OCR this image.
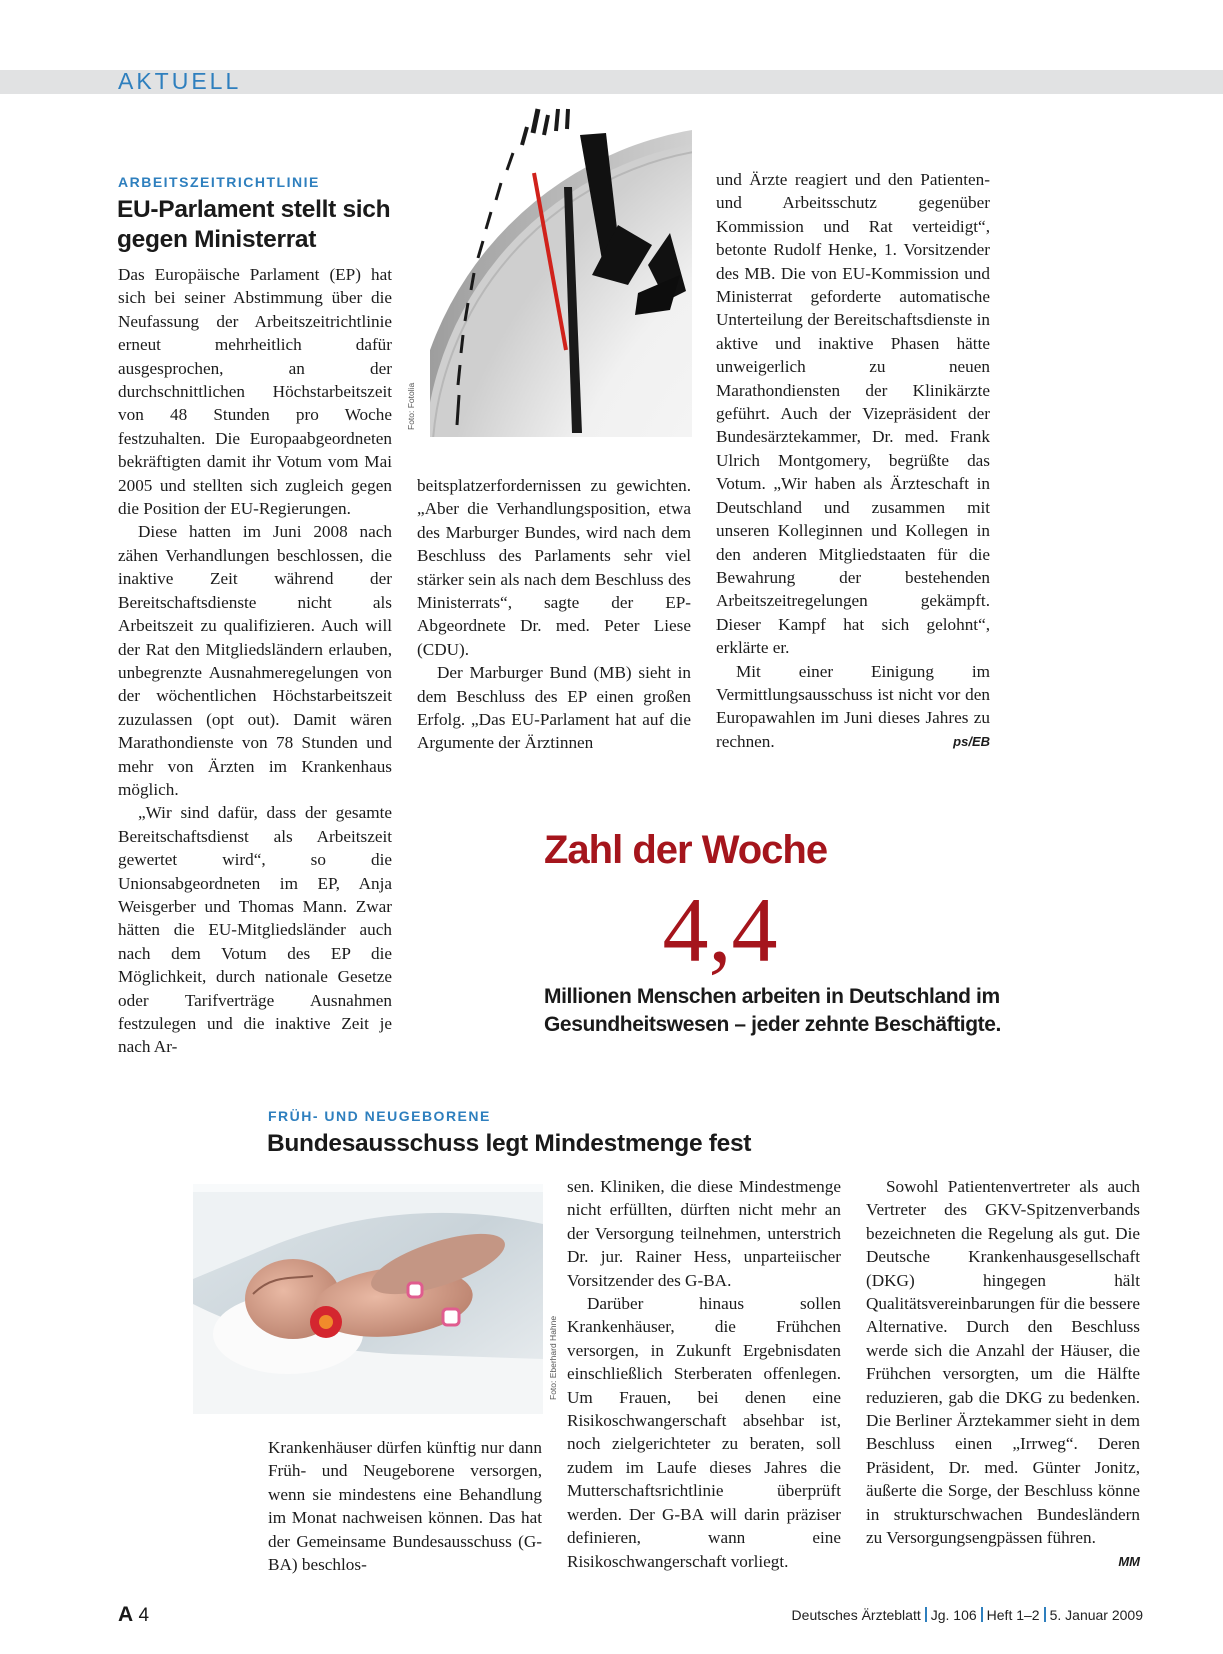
AKTUELL
ARBEITSZEITRICHTLINIE
EU-Parlament stellt sich
gegen Ministerrat
Foto: Fotolia

Das Europäische Parlament (EP) hat sich bei seiner Abstimmung über die Neufassung der Arbeitszeitrichtlinie erneut mehrheitlich dafür ausgesprochen, an der durchschnittlichen Höchstarbeitszeit von 48 Stunden pro Woche festzuhalten. Die Europaabgeordneten bekräftigten damit ihr Votum vom Mai 2005 und stellten sich zugleich gegen die Position der EU-Regierungen.

Diese hatten im Juni 2008 nach zähen Verhandlungen beschlossen, die inaktive Zeit während der Bereitschaftsdienste nicht als Arbeitszeit zu qualifizieren. Auch will der Rat den Mitgliedsländern erlauben, unbegrenzte Ausnahmeregelungen von der wöchentlichen Höchstarbeitszeit zuzulassen (opt out). Damit wären Marathondienste von 78 Stunden und mehr von Ärzten im Krankenhaus möglich.

„Wir sind dafür, dass der gesamte Bereitschaftsdienst als Arbeitszeit gewertet wird“, so die Unionsabgeordneten im EP, Anja Weisgerber und Thomas Mann. Zwar hätten die EU-Mitgliedsländer auch nach dem Votum des EP die Möglichkeit, durch nationale Gesetze oder Tarifverträge Ausnahmen festzulegen und die inaktive Zeit je nach Ar-

beitsplatzerfordernissen zu gewichten. „Aber die Verhandlungsposition, etwa des Marburger Bundes, wird nach dem Beschluss des Parlaments sehr viel stärker sein als nach dem Beschluss des Ministerrats“, sagte der EP-Abgeordnete Dr. med. Peter Liese (CDU).

Der Marburger Bund (MB) sieht in dem Beschluss des EP einen großen Erfolg. „Das EU-Parlament hat auf die Argumente der Ärztinnen

und Ärzte reagiert und den Patienten- und Arbeitsschutz gegenüber Kommission und Rat verteidigt“, betonte Rudolf Henke, 1. Vorsitzender des MB. Die von EU-Kommission und Ministerrat geforderte automatische Unterteilung der Bereitschaftsdienste in aktive und inaktive Phasen hätte unweigerlich zu neuen Marathondiensten der Klinikärzte geführt. Auch der Vizepräsident der Bundesärztekammer, Dr. med. Frank Ulrich Montgomery, begrüßte das Votum. „Wir haben als Ärzteschaft in Deutschland und zusammen mit unseren Kolleginnen und Kollegen in den anderen Mitgliedstaaten für die Bewahrung der bestehenden Arbeitszeitregelungen gekämpft. Dieser Kampf hat sich gelohnt“, erklärte er.

Mit einer Einigung im Vermittlungsausschuss ist nicht vor den Europawahlen im Juni dieses Jahres zu rechnen.	ps/EB

Zahl der Woche
4,4
Millionen Menschen arbeiten in Deutschland im
Gesundheitswesen – jeder zehnte Beschäftigte.
FRÜH- UND NEUGEBORENE
Bundesausschuss legt Mindestmenge fest
Foto: Eberhard Hahne

Krankenhäuser dürfen künftig nur dann Früh- und Neugeborene versorgen, wenn sie mindestens eine Behandlung im Monat nachweisen können. Das hat der Gemeinsame Bundesausschuss (G-BA) beschlos-

sen. Kliniken, die diese Mindestmenge nicht erfüllten, dürften nicht mehr an der Versorgung teilnehmen, unterstrich Dr. jur. Rainer Hess, unparteiischer Vorsitzender des G-BA.

Darüber hinaus sollen Krankenhäuser, die Frühchen versorgen, in Zukunft Ergebnisdaten einschließlich Sterberaten offenlegen. Um Frauen, bei denen eine Risikoschwangerschaft absehbar ist, noch zielgerichteter zu beraten, soll zudem im Laufe dieses Jahres die Mutterschaftsrichtlinie überprüft werden. Der G-BA will darin präziser definieren, wann eine Risikoschwangerschaft vorliegt.

Sowohl Patientenvertreter als auch Vertreter des GKV-Spitzenverbands bezeichneten die Regelung als gut. Die Deutsche Krankenhausgesellschaft (DKG) hingegen hält Qualitätsvereinbarungen für die bessere Alternative. Durch den Beschluss werde sich die Anzahl der Häuser, die Frühchen versorgten, um die Hälfte reduzieren, gab die DKG zu bedenken. Die Berliner Ärztekammer sieht in dem Beschluss einen „Irrweg“. Deren Präsident, Dr. med. Günter Jonitz, äußerte die Sorge, der Beschluss könne in strukturschwachen Bundesländern zu Versorgungsengpässen führen.
MM

A 4	Deutsches Ärzteblatt Jg. 106 Heft 1–2 5. Januar 2009
